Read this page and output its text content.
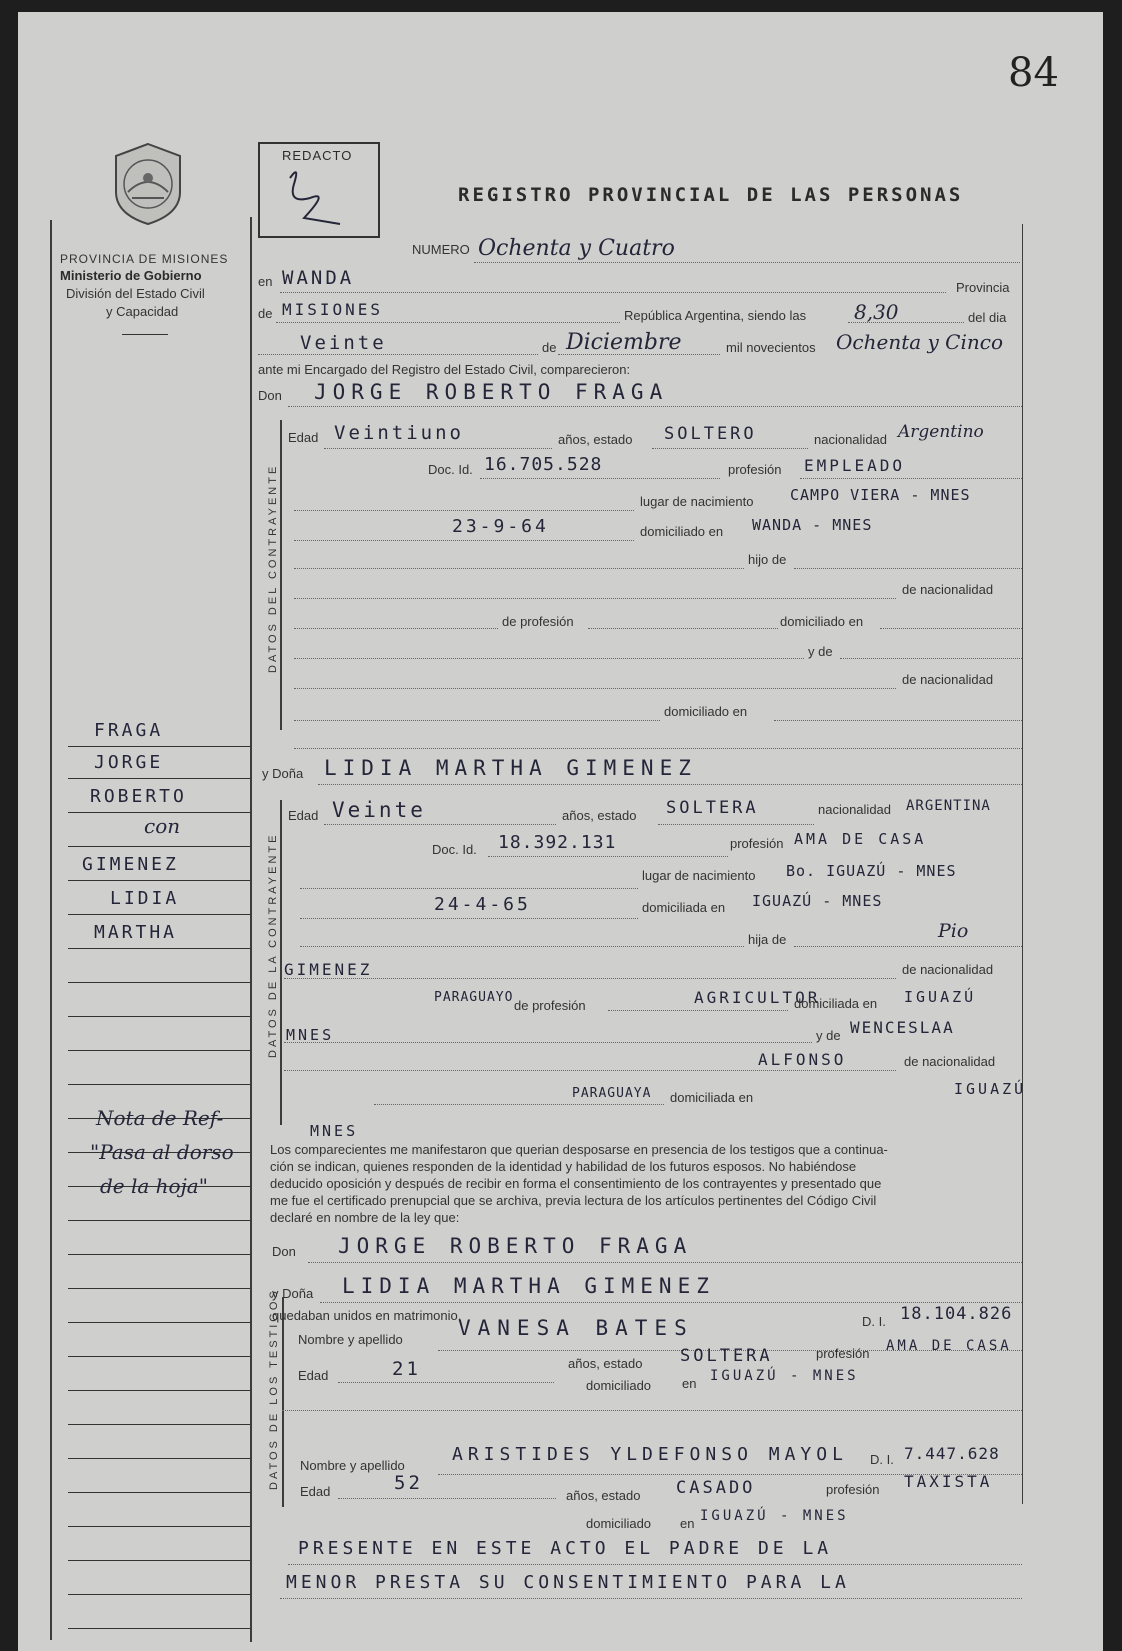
84
PROVINCIA DE MISIONES
Ministerio de Gobierno
División del Estado Civil
y Capacidad
REDACTO
REGISTRO PROVINCIAL DE LAS PERSONAS
DATOS DEL CONTRAYENTE
DATOS DE LA CONTRAYENTE
DATOS DE LOS TESTIGOS
NUMERO Ochenta y Cuatro
en WANDA	Provincia
de MISIONES	República Argentina, siendo las 8,30	del dia
Veinte	de Diciembre	mil novecientos Ochenta y Cinco
ante mi Encargado del Registro del Estado Civil, comparecieron:
Don JORGE ROBERTO FRAGA
Edad Veintiuno	años, estado SOLTERO	nacionalidad Argentino
Doc. Id. 16.705.528	profesión EMPLEADO
lugar de nacimiento CAMPO VIERA - MNES
23-9-64	domiciliado en WANDA - MNES
hijo de
de nacionalidad
de profesión	domiciliado en
y de
de nacionalidad
domiciliado en
y Doña LIDIA MARTHA GIMENEZ
Edad Veinte	años, estado SOLTERA	nacionalidad ARGENTINA
Doc. Id. 18.392.131	profesión AMA DE CASA
lugar de nacimiento Bo. IGUAZÚ - MNES
24-4-65	domiciliada en IGUAZÚ - MNES
hija de	Pio
GIMENEZ	de nacionalidad
PARAGUAYO
de profesión	AGRICULTOR
domiciliada en IGUAZÚ
MNES	y de WENCESLAA
ALFONSO	de nacionalidad
PARAGUAYA domiciliada en	IGUAZÚ
MNES
Los comparecientes me manifestaron que querian desposarse en presencia de los testigos que a continua-
ción se indican, quienes responden de la identidad y habilidad de los futuros esposos. No habiéndose
deducido oposición y después de recibir en forma el consentimiento de los contrayentes y presentado que
me fue el certificado prenupcial que se archiva, previa lectura de los artículos pertinentes del Código Civil
declaré en nombre de la ley que:
Don JORGE ROBERTO FRAGA
y Doña LIDIA MARTHA GIMENEZ
quedaban unidos en matrimonio.	D. I. 18.104.826
Nombre y apellido	VANESA BATES
Edad	21	años, estado SOLTERA	profesión AMA DE CASA
domiciliado en IGUAZÚ - MNES
Nombre y apellido
ARISTIDES YLDEFONSO MAYOL D. I. 7.447.628
Edad	52
años, estado CASADO	profesión TAXISTA
domiciliado en IGUAZÚ - MNES
PRESENTE EN ESTE ACTO EL PADRE DE LA
MENOR PRESTA SU CONSENTIMIENTO PARA LA
FRAGA
JORGE
ROBERTO
con
GIMENEZ
LIDIA
MARTHA
Nota de Ref-
"Pasa al dorso
de la hoja"
